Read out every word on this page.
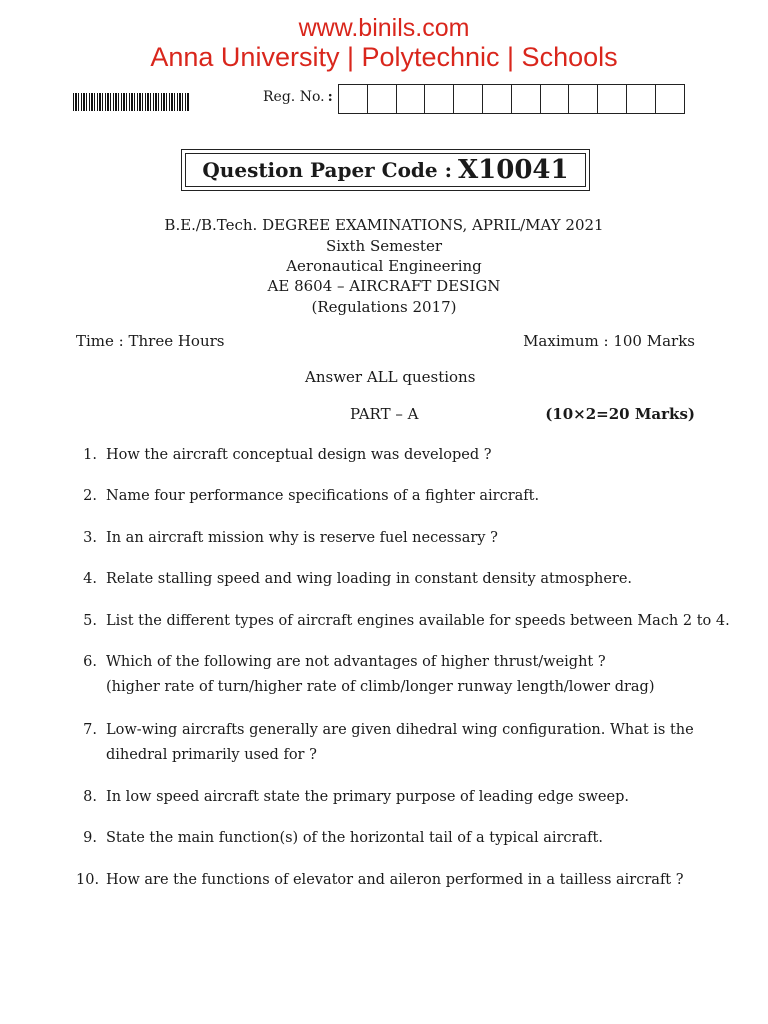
www.binils.com
Anna University | Polytechnic | Schools
Reg. No. :
Question Paper Code : X10041
B.E./B.Tech. DEGREE EXAMINATIONS, APRIL/MAY 2021
Sixth Semester
Aeronautical Engineering
AE 8604 – AIRCRAFT DESIGN
(Regulations 2017)
Time : Three Hours	Maximum : 100 Marks
Answer ALL questions
PART – A	(10×2=20 Marks)
1. How the aircraft conceptual design was developed ?
2. Name four performance specifications of a fighter aircraft.
3. In an aircraft mission why is reserve fuel necessary ?
4. Relate stalling speed and wing loading in constant density atmosphere.
5. List the different types of aircraft engines available for speeds between Mach 2 to 4.
6. Which of the following are not advantages of higher thrust/weight ?
(higher rate of turn/higher rate of climb/longer runway length/lower drag)
7. Low-wing aircrafts generally are given dihedral wing configuration. What is the
dihedral primarily used for ?
8. In low speed aircraft state the primary purpose of leading edge sweep.
9. State the main function(s) of the horizontal tail of a typical aircraft.
10. How are the functions of elevator and aileron performed in a tailless aircraft ?
